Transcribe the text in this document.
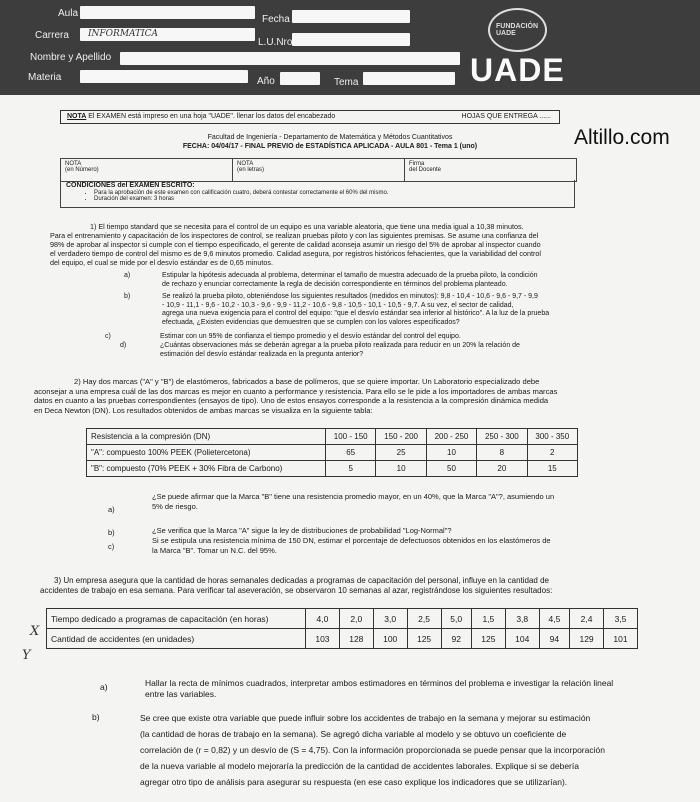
Aula
Fecha
Carrera INFORMATICA
L.U.Nro
Nombre y Apellido
Materia	Año	Tema
FUNDACIÓN UADE
UADE
Altillo.com
NOTA El EXAMEN está impreso en una hoja "UADE". llenar los datos del encabezado	HOJAS QUE ENTREGA ......
Facultad de Ingeniería - Departamento de Matemática y Métodos Cuantitativos
FECHA: 04/04/17 - FINAL PREVIO de ESTADÍSTICA APLICADA - AULA 801 - Tema 1 (uno)
NOTA
(en Número)
NOTA
(en letras)
Firma
del Docente
CONDICIONES del EXAMEN ESCRITO:
• Para la aprobación de este examen con calificación cuatro, deberá contestar correctamente el 60% del mismo.
• Duración del examen: 3 horas
1) El tiempo standard que se necesita para el control de un equipo es una variable aleatoria, que tiene una media igual a 10,38 minutos.
Para el entrenamiento y capacitación de los inspectores de control, se realizan pruebas piloto y con las siguientes premisas. Se asume una confianza del
98% de aprobar al inspector si cumple con el tiempo especificado, el gerente de calidad aconseja asumir un riesgo del 5% de aprobar al inspector cuando
el verdadero tiempo de control del mismo es de 9,6 minutos promedio. Calidad asegura, por registros históricos fehacientes, que la variabilidad del control
del equipo, el cual se mide por el desvío estándar es de 0,65 minutos.
a)	Estipular la hipótesis adecuada al problema, determinar el tamaño de muestra adecuado de la prueba piloto, la condición
de rechazo y enunciar correctamente la regla de decisión correspondiente en términos del problema planteado.
b)	Se realizó la prueba piloto, obteniéndose los siguientes resultados (medidos en minutos): 9,8 - 10,4 - 10,6 - 9,6 - 9,7 - 9,9
- 10,9 - 11,1 - 9,6 - 10,2 - 10,3 - 9,6 - 9,9 - 11,2 - 10,6 - 9,8 - 10,5 - 10,1 - 10,5 - 9,7. A su vez, el sector de calidad,
agrega una nueva exigencia para el control del equipo: "que el desvío estándar sea inferior al histórico". A la luz de la prueba
efectuada, ¿Existen evidencias que demuestren que se cumplen con los valores especificados?
c)	Estimar con un 95% de confianza el tiempo promedio y el desvío estándar del control del equipo.
d)	¿Cuántas observaciones más se deberán agregar a la prueba piloto realizada para reducir en un 20% la relación de
estimación del desvío estándar realizada en la pregunta anterior?
2) Hay dos marcas ("A" y "B") de elastómeros, fabricados a base de polímeros, que se quiere importar. Un Laboratorio especializado debe
aconsejar a una empresa cuál de las dos marcas es mejor en cuanto a performance y resistencia. Para ello se le pide a los importadores de ambas marcas
datos en cuanto a las pruebas correspondientes (ensayos de tipo). Uno de estos ensayos corresponde a la resistencia a la compresión dinámica medida
en Deca Newton (DN). Los resultados obtenidos de ambas marcas se visualiza en la siguiente tabla:
Resistencia a la compresión (DN)	100 - 150	150 - 200	200 - 250	250 - 300	300 - 350
"A": compuesto 100% PEEK (Polietercetona)	65	25	10	8	2
"B": compuesto (70% PEEK + 30% Fibra de Carbono)	5	10	50	20	15
a)
¿Se puede afirmar que la Marca "B" tiene una resistencia promedio mayor, en un 40%, que la Marca "A"?, asumiendo un
5% de riesgo.
b)	¿Se verifica que la Marca "A" sigue la ley de distribuciones de probabilidad "Log-Normal"?
c)
Si se estipula una resistencia mínima de 150 DN, estimar el porcentaje de defectuosos obtenidos en los elastómeros de
la Marca "B". Tomar un N.C. del 95%.
3) Un empresa asegura que la cantidad de horas semanales dedicadas a programas de capacitación del personal, influye en la cantidad de
accidentes de trabajo en esa semana. Para verificar tal aseveración, se observaron 10 semanas al azar, registrándose los siguientes resultados:
X
Y
Tiempo dedicado a programas de capacitación (en horas)	4,0	2,0	3,0	2,5	5,0	1,5	3,8	4,5	2,4	3,5
Cantidad de accidentes (en unidades)	103	128	100	125	92	125	104	94	129	101
a)	Hallar la recta de mínimos cuadrados, interpretar ambos estimadores en términos del problema e investigar la relación lineal
entre las variables.
b)	Se cree que existe otra variable que puede influir sobre los accidentes de trabajo en la semana y mejorar su estimación
(la cantidad de horas de trabajo en la semana). Se agregó dicha variable al modelo y se obtuvo un coeficiente de
correlación de (r = 0,82) y un desvío de (S = 4,75). Con la información proporcionada se puede pensar que la incorporación
de la nueva variable al modelo mejoraría la predicción de la cantidad de accidentes laborales. Explique si se debería
agregar otro tipo de análisis para asegurar su respuesta (en ese caso explique los indicadores que se utilizarían).
